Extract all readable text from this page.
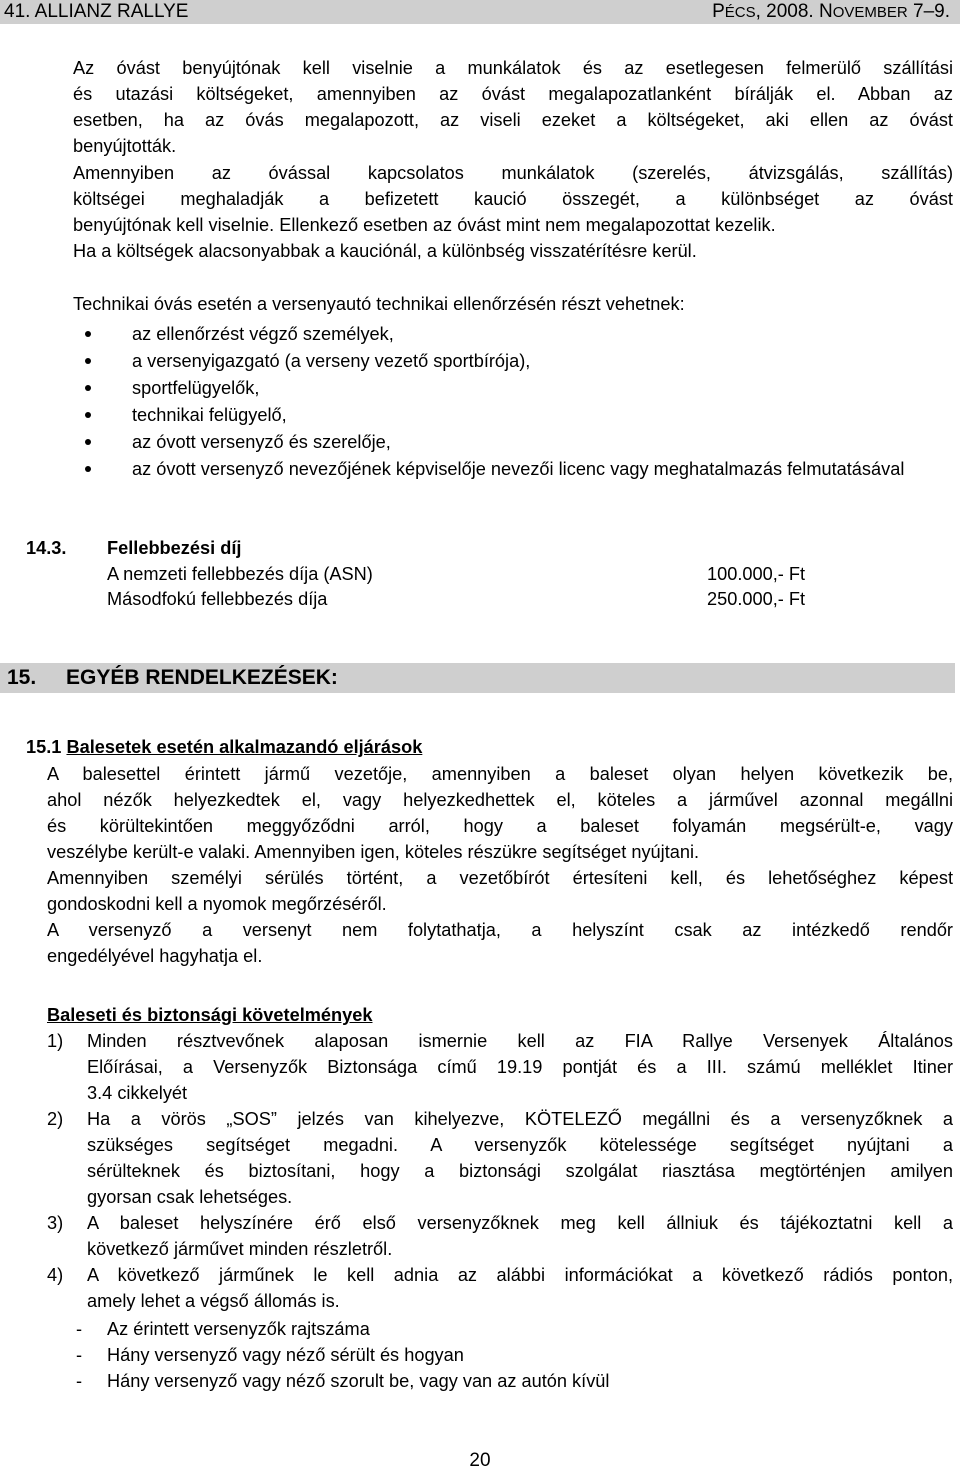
41. ALLIANZ RALLYE	PÉCS, 2008. NOVEMBER 7–9.
Az óvást benyújtónak kell viselnie a munkálatok és az esetlegesen felmerülő szállítási
és utazási költségeket, amennyiben az óvást megalapozatlanként bírálják el. Abban az
esetben, ha az óvás megalapozott, az viseli ezeket a költségeket, aki ellen az óvást
benyújtották.
Amennyiben az óvással kapcsolatos munkálatok (szerelés, átvizsgálás, szállítás)
költségei meghaladják a befizetett kaució összegét, a különbséget az óvást
benyújtónak kell viselnie. Ellenkező esetben az óvást mint nem megalapozottat kezelik.
Ha a költségek alacsonyabbak a kauciónál, a különbség visszatérítésre kerül.
Technikai óvás esetén a versenyautó technikai ellenőrzésén részt vehetnek:
az ellenőrzést végző személyek,
a versenyigazgató (a verseny vezető sportbírója),
sportfelügyelők,
technikai felügyelő,
az óvott versenyző és szerelője,
az óvott versenyző nevezőjének képviselője nevezői licenc vagy meghatalmazás felmutatásával
14.3. Fellebbezési díj
A nemzeti fellebbezés díja (ASN)	100.000,- Ft
Másodfokú fellebbezés díja	250.000,- Ft
15. EGYÉB RENDELKEZÉSEK:
15.1 Balesetek esetén alkalmazandó eljárások
A balesettel érintett jármű vezetője, amennyiben a baleset olyan helyen következik be,
ahol nézők helyezkedtek el, vagy helyezkedhettek el, köteles a járművel azonnal megállni
és körültekintően meggyőződni arról, hogy a baleset folyamán megsérült-e, vagy
veszélybe került-e valaki. Amennyiben igen, köteles részükre segítséget nyújtani.
Amennyiben személyi sérülés történt, a vezetőbírót értesíteni kell, és lehetőséghez képest
gondoskodni kell a nyomok megőrzéséről.
A versenyző a versenyt nem folytathatja, a helyszínt csak az intézkedő rendőr
engedélyével hagyhatja el.
Baleseti és biztonsági követelmények
1) Minden résztvevőnek alaposan ismernie kell az FIA Rallye Versenyek Általános
Előírásai, a Versenyzők Biztonsága című 19.19 pontját és a III. számú melléklet Itiner
3.4 cikkelyét
2) Ha a vörös „SOS” jelzés van kihelyezve, KÖTELEZŐ megállni és a versenyzőknek a
szükséges segítséget megadni. A versenyzők kötelessége segítséget nyújtani a
sérülteknek és biztosítani, hogy a biztonsági szolgálat riasztása megtörténjen amilyen
gyorsan csak lehetséges.
3) A baleset helyszínére érő első versenyzőknek meg kell állniuk és tájékoztatni kell a
következő járművet minden részletről.
4) A következő járműnek le kell adnia az alábbi információkat a következő rádiós ponton,
amely lehet a végső állomás is.
- Az érintett versenyzők rajtszáma
- Hány versenyző vagy néző sérült és hogyan
- Hány versenyző vagy néző szorult be, vagy van az autón kívül
20
